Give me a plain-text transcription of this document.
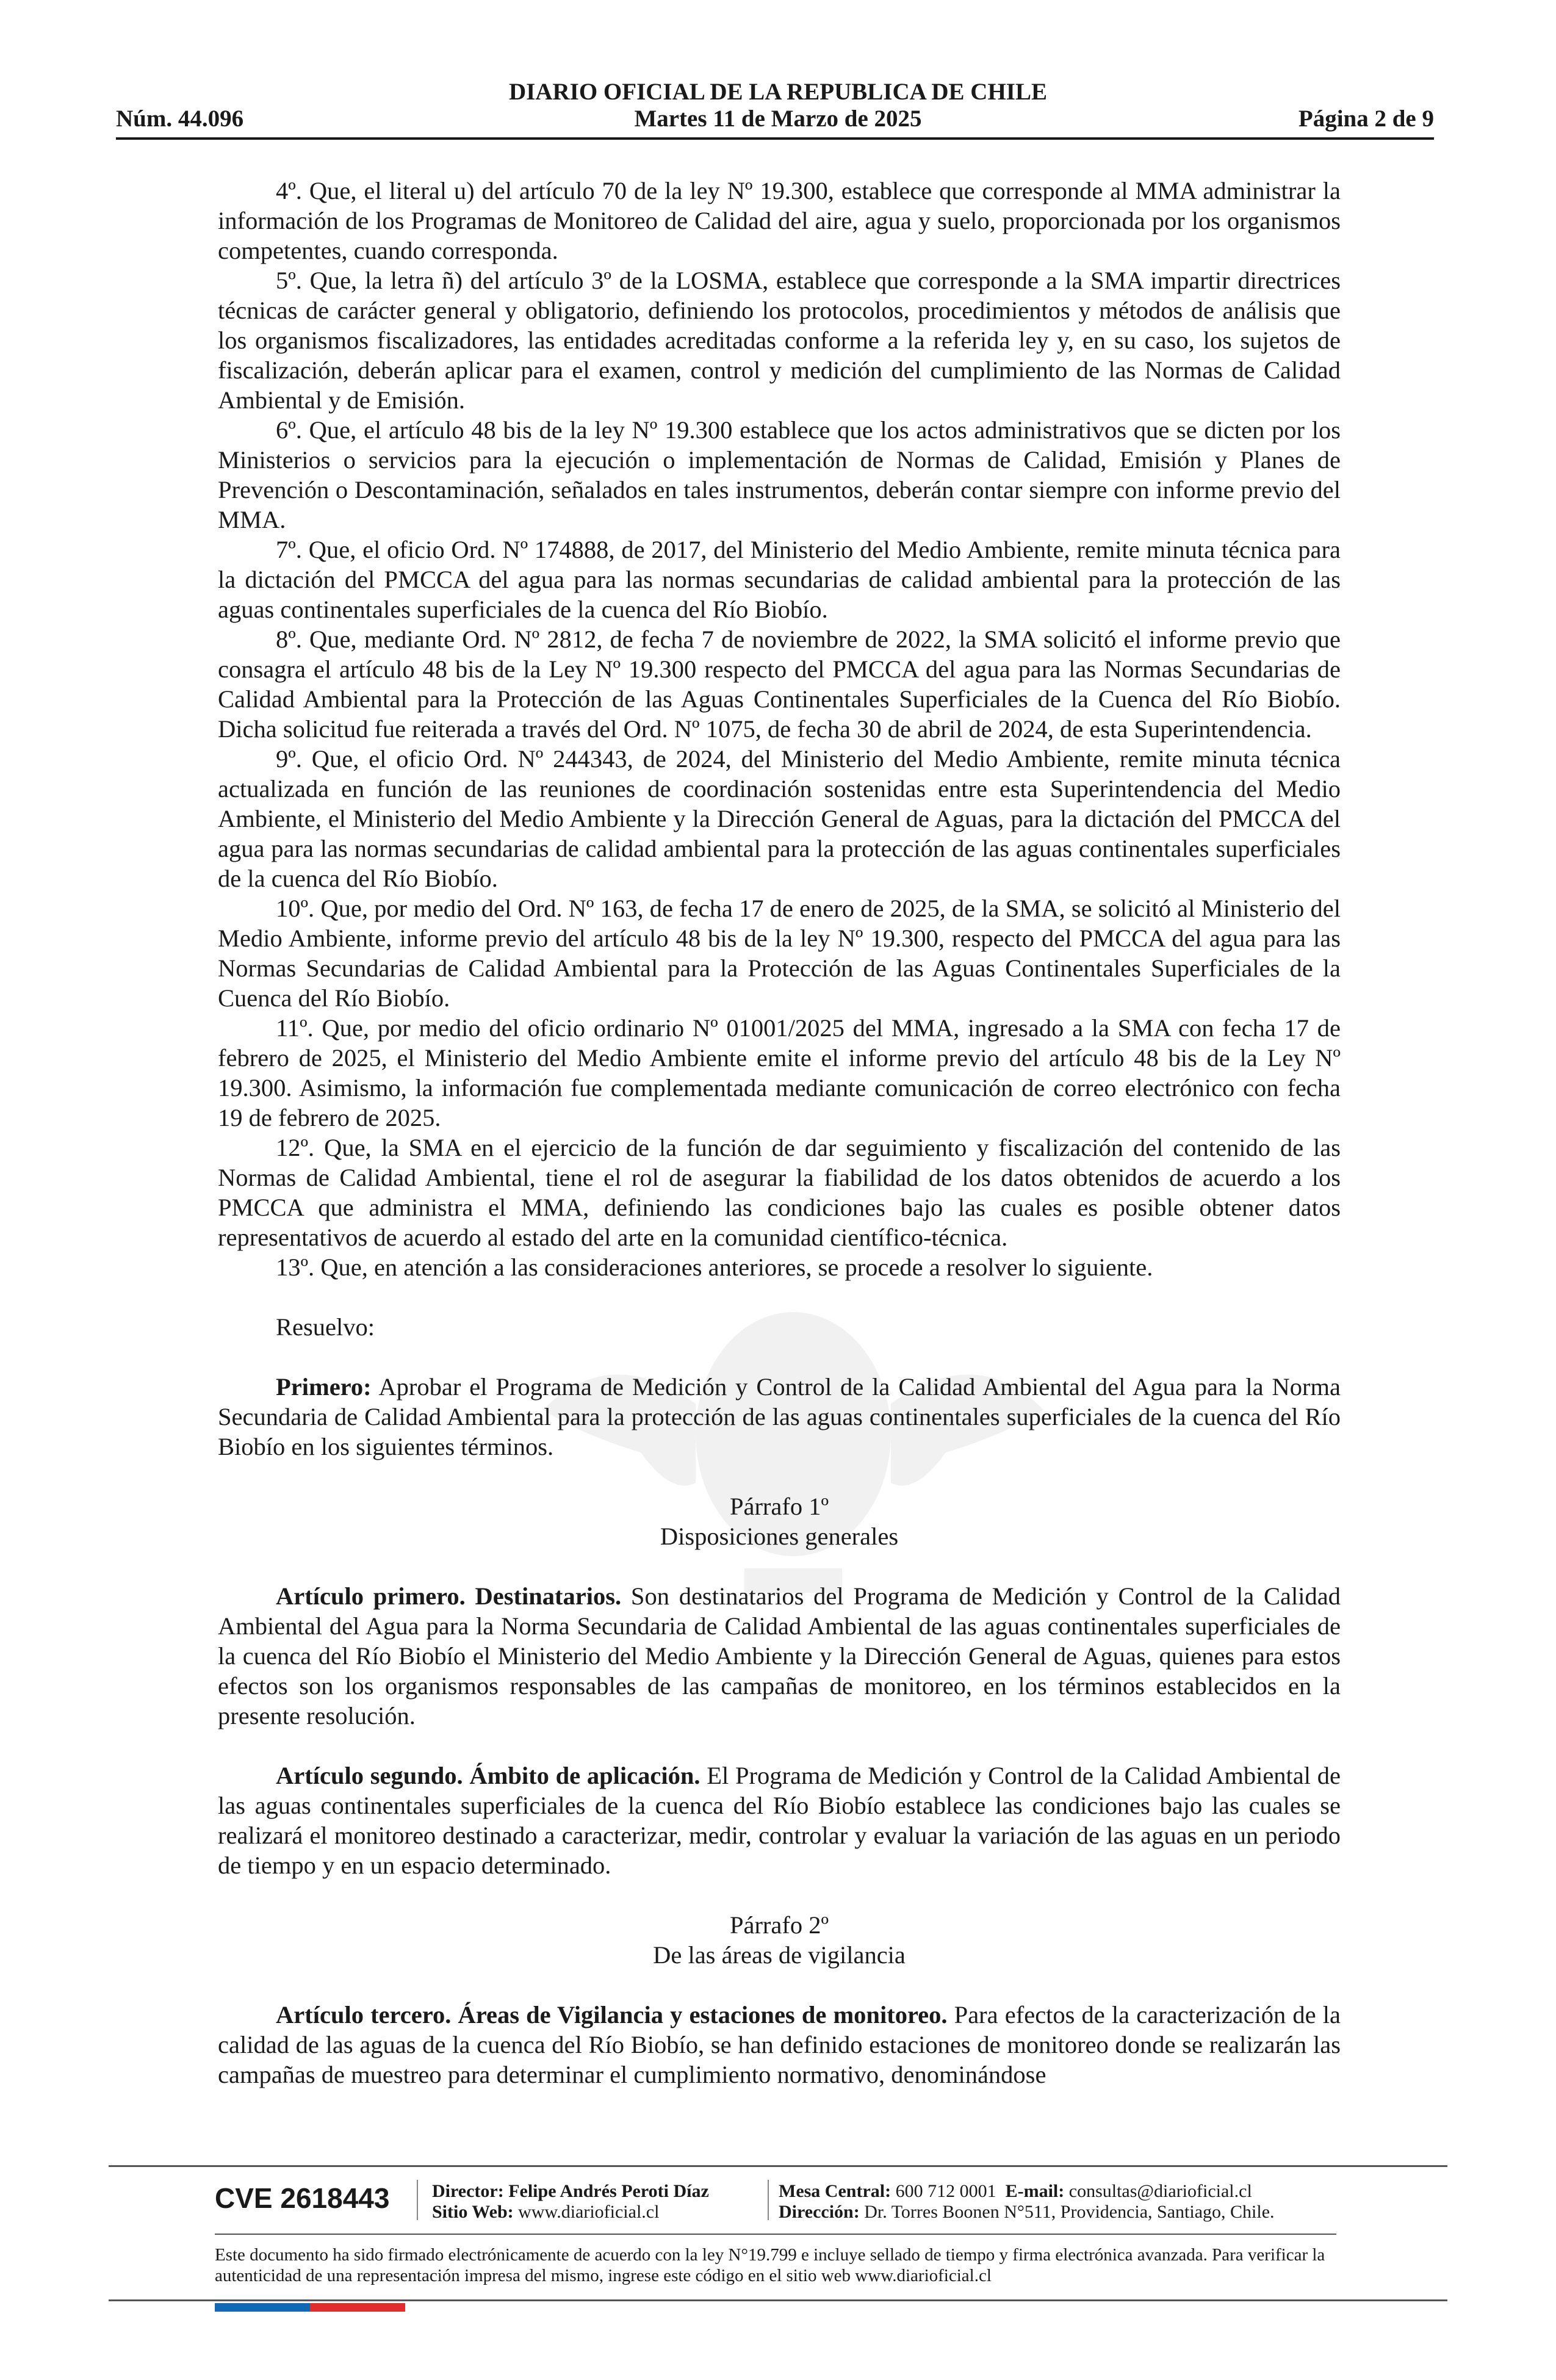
DIARIO OFICIAL DE LA REPUBLICA DE CHILE
Núm. 44.096	Martes 11 de Marzo de 2025	Página 2 de 9

4º. Que, el literal u) del artículo 70 de la ley Nº 19.300, establece que corresponde al MMA administrar la información de los Programas de Monitoreo de Calidad del aire, agua y suelo, proporcionada por los organismos competentes, cuando corresponda.

5º. Que, la letra ñ) del artículo 3º de la LOSMA, establece que corresponde a la SMA impartir directrices técnicas de carácter general y obligatorio, definiendo los protocolos, procedimientos y métodos de análisis que los organismos fiscalizadores, las entidades acreditadas conforme a la referida ley y, en su caso, los sujetos de fiscalización, deberán aplicar para el examen, control y medición del cumplimiento de las Normas de Calidad Ambiental y de Emisión.

6º. Que, el artículo 48 bis de la ley Nº 19.300 establece que los actos administrativos que se dicten por los Ministerios o servicios para la ejecución o implementación de Normas de Calidad, Emisión y Planes de Prevención o Descontaminación, señalados en tales instrumentos, deberán contar siempre con informe previo del MMA.

7º. Que, el oficio Ord. Nº 174888, de 2017, del Ministerio del Medio Ambiente, remite minuta técnica para la dictación del PMCCA del agua para las normas secundarias de calidad ambiental para la protección de las aguas continentales superficiales de la cuenca del Río Biobío.

8º. Que, mediante Ord. Nº 2812, de fecha 7 de noviembre de 2022, la SMA solicitó el informe previo que consagra el artículo 48 bis de la Ley Nº 19.300 respecto del PMCCA del agua para las Normas Secundarias de Calidad Ambiental para la Protección de las Aguas Continentales Superficiales de la Cuenca del Río Biobío. Dicha solicitud fue reiterada a través del Ord. Nº 1075, de fecha 30 de abril de 2024, de esta Superintendencia.

9º. Que, el oficio Ord. Nº 244343, de 2024, del Ministerio del Medio Ambiente, remite minuta técnica actualizada en función de las reuniones de coordinación sostenidas entre esta Superintendencia del Medio Ambiente, el Ministerio del Medio Ambiente y la Dirección General de Aguas, para la dictación del PMCCA del agua para las normas secundarias de calidad ambiental para la protección de las aguas continentales superficiales de la cuenca del Río Biobío.

10º. Que, por medio del Ord. Nº 163, de fecha 17 de enero de 2025, de la SMA, se solicitó al Ministerio del Medio Ambiente, informe previo del artículo 48 bis de la ley Nº 19.300, respecto del PMCCA del agua para las Normas Secundarias de Calidad Ambiental para la Protección de las Aguas Continentales Superficiales de la Cuenca del Río Biobío.

11º. Que, por medio del oficio ordinario Nº 01001/2025 del MMA, ingresado a la SMA con fecha 17 de febrero de 2025, el Ministerio del Medio Ambiente emite el informe previo del artículo 48 bis de la Ley Nº 19.300. Asimismo, la información fue complementada mediante comunicación de correo electrónico con fecha 19 de febrero de 2025.

12º. Que, la SMA en el ejercicio de la función de dar seguimiento y fiscalización del contenido de las Normas de Calidad Ambiental, tiene el rol de asegurar la fiabilidad de los datos obtenidos de acuerdo a los PMCCA que administra el MMA, definiendo las condiciones bajo las cuales es posible obtener datos representativos de acuerdo al estado del arte en la comunidad científico-técnica.

13º. Que, en atención a las consideraciones anteriores, se procede a resolver lo siguiente.

Resuelvo:

Primero: Aprobar el Programa de Medición y Control de la Calidad Ambiental del Agua para la Norma Secundaria de Calidad Ambiental para la protección de las aguas continentales superficiales de la cuenca del Río Biobío en los siguientes términos.

Párrafo 1º

Disposiciones generales

Artículo primero. Destinatarios. Son destinatarios del Programa de Medición y Control de la Calidad Ambiental del Agua para la Norma Secundaria de Calidad Ambiental de las aguas continentales superficiales de la cuenca del Río Biobío el Ministerio del Medio Ambiente y la Dirección General de Aguas, quienes para estos efectos son los organismos responsables de las campañas de monitoreo, en los términos establecidos en la presente resolución.

Artículo segundo. Ámbito de aplicación. El Programa de Medición y Control de la Calidad Ambiental de las aguas continentales superficiales de la cuenca del Río Biobío establece las condiciones bajo las cuales se realizará el monitoreo destinado a caracterizar, medir, controlar y evaluar la variación de las aguas en un periodo de tiempo y en un espacio determinado.

Párrafo 2º

De las áreas de vigilancia

Artículo tercero. Áreas de Vigilancia y estaciones de monitoreo. Para efectos de la caracterización de la calidad de las aguas de la cuenca del Río Biobío, se han definido estaciones de monitoreo donde se realizarán las campañas de muestreo para determinar el cumplimiento normativo, denominándose

CVE 2618443 Director: Felipe Andrés Peroti Díaz
Sitio Web: www.diarioficial.cl
Mesa Central: 600 712 0001 E-mail: consultas@diarioficial.cl
Dirección: Dr. Torres Boonen N°511, Providencia, Santiago, Chile.
Este documento ha sido firmado electrónicamente de acuerdo con la ley N°19.799 e incluye sellado de tiempo y firma electrónica avanzada. Para verificar la autenticidad de una representación impresa del mismo, ingrese este código en el sitio web www.diarioficial.cl
